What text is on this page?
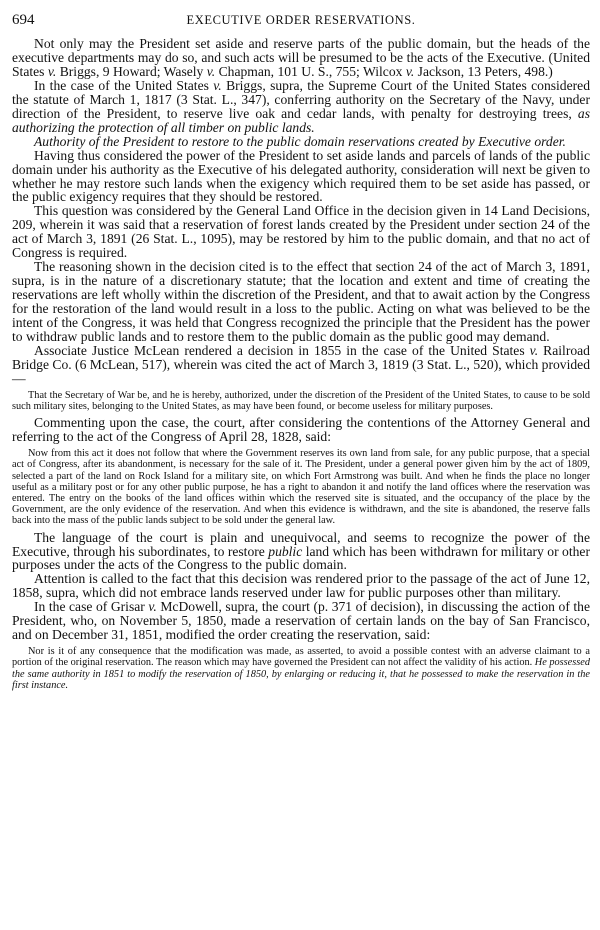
694	EXECUTIVE ORDER RESERVATIONS.

Not only may the President set aside and reserve parts of the public domain, but the heads of the executive departments may do so, and such acts will be presumed to be the acts of the Executive. (United States v. Briggs, 9 Howard; Wasely v. Chapman, 101 U. S., 755; Wilcox v. Jackson, 13 Peters, 498.)

In the case of the United States v. Briggs, supra, the Supreme Court of the United States considered the statute of March 1, 1817 (3 Stat. L., 347), conferring authority on the Secretary of the Navy, under direction of the President, to reserve live oak and cedar lands, with penalty for destroying trees, as authorizing the protection of all timber on public lands.

Authority of the President to restore to the public domain reservations created by Executive order.

Having thus considered the power of the President to set aside lands and parcels of lands of the public domain under his authority as the Executive of his delegated authority, consideration will next be given to whether he may restore such lands when the exigency which required them to be set aside has passed, or the public exigency requires that they should be restored.

This question was considered by the General Land Office in the decision given in 14 Land Decisions, 209, wherein it was said that a reservation of forest lands created by the President under section 24 of the act of March 3, 1891 (26 Stat. L., 1095), may be restored by him to the public domain, and that no act of Congress is required.

The reasoning shown in the decision cited is to the effect that section 24 of the act of March 3, 1891, supra, is in the nature of a discretionary statute; that the location and extent and time of creating the reservations are left wholly within the discretion of the President, and that to await action by the Congress for the restoration of the land would result in a loss to the public. Acting on what was believed to be the intent of the Congress, it was held that Congress recognized the principle that the President has the power to withdraw public lands and to restore them to the public domain as the public good may demand.

Associate Justice McLean rendered a decision in 1855 in the case of the United States v. Railroad Bridge Co. (6 McLean, 517), wherein was cited the act of March 3, 1819 (3 Stat. L., 520), which provided—

That the Secretary of War be, and he is hereby, authorized, under the discretion of the President of the United States, to cause to be sold such military sites, belonging to the United States, as may have been found, or become useless for military purposes.

Commenting upon the case, the court, after considering the contentions of the Attorney General and referring to the act of the Congress of April 28, 1828, said:

Now from this act it does not follow that where the Government reserves its own land from sale, for any public purpose, that a special act of Congress, after its abandonment, is necessary for the sale of it. The President, under a general power given him by the act of 1809, selected a part of the land on Rock Island for a military site, on which Fort Armstrong was built. And when he finds the place no longer useful as a military post or for any other public purpose, he has a right to abandon it and notify the land offices where the reservation was entered. The entry on the books of the land offices within which the reserved site is situated, and the occupancy of the place by the Government, are the only evidence of the reservation. And when this evidence is withdrawn, and the site is abandoned, the reserve falls back into the mass of the public lands subject to be sold under the general law.

The language of the court is plain and unequivocal, and seems to recognize the power of the Executive, through his subordinates, to restore public land which has been withdrawn for military or other purposes under the acts of the Congress to the public domain.

Attention is called to the fact that this decision was rendered prior to the passage of the act of June 12, 1858, supra, which did not embrace lands reserved under law for public purposes other than military.

In the case of Grisar v. McDowell, supra, the court (p. 371 of decision), in discussing the action of the President, who, on November 5, 1850, made a reservation of certain lands on the bay of San Francisco, and on December 31, 1851, modified the order creating the reservation, said:

Nor is it of any consequence that the modification was made, as asserted, to avoid a possible contest with an adverse claimant to a portion of the original reservation. The reason which may have governed the President can not affect the validity of his action. He possessed the same authority in 1851 to modify the reservation of 1850, by enlarging or reducing it, that he possessed to make the reservation in the first instance.
